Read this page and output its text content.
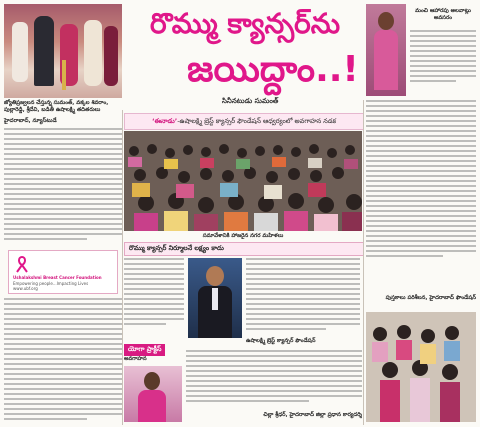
జ్యోతిప్రజ్వలన చేస్తున్న సుమంత్, వక్కల శివరాం, పుల్లారెడ్డి, శ్రీదేవి, బడితీ ఉషాలక్ష్మి తదితరులు
రొమ్ము క్యాన్సర్‌ను
జయిద్దాం..!
సినీనటుడు సుమంత్
మంచి ఆహారపు అలవాట్లు అవసరం
‘ఈనాడు’-ఉషాలక్ష్మి బ్రెస్ట్ క్యాన్సర్ ఫౌండేషన్ ఆధ్వర్యంలో అవగాహన నడక
హైదరాబాద్, న్యూస్‌టుడే
Ushalakshmi Breast Cancer Foundation
Empowering people...Impacting Lives
www.ubf.org
సమావేశానికి హాజరైన నగర మహిళలు
రొమ్ము క్యాన్సర్ నిర్మూలనే లక్ష్యం కాదు
ఉషాలక్ష్మి బ్రెస్ట్ క్యాన్సర్ ఫౌండేషన్
పుస్తకాలు పరిశీలన, హైదరాబాద్ ఫౌండేషన్
యోగా ప్రాక్టీస్
అవగాహన
చిల్లా శ్రీధర్, హైదరాబాద్ జిల్లా ప్రధాన కార్యదర్శి
